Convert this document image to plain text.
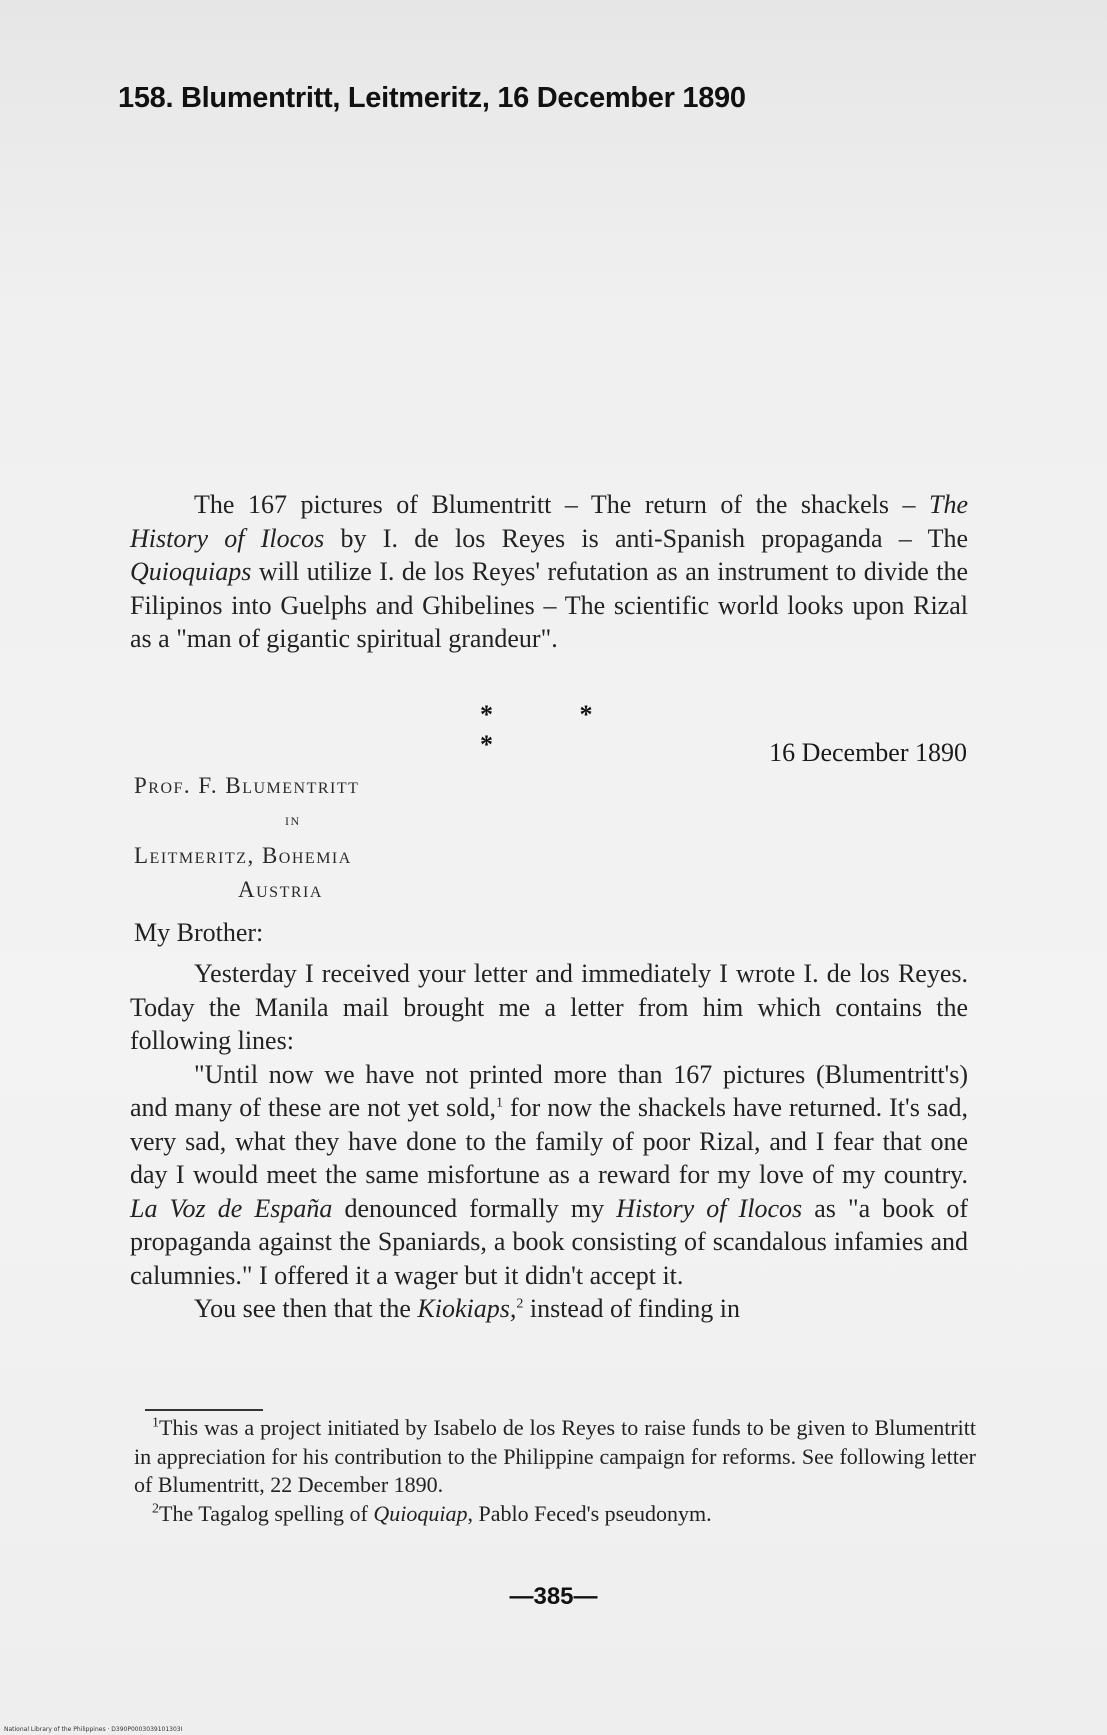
158. Blumentritt, Leitmeritz, 16 December 1890
The 167 pictures of Blumentritt – The return of the shackels – The History of Ilocos by I. de los Reyes is anti-Spanish propaganda – The Quioquiaps will utilize I. de los Reyes' refutation as an instrument to divide the Filipinos into Guelphs and Ghibelines – The scientific world looks upon Rizal as a "man of gigantic spiritual grandeur".
* * *	16 December 1890
Prof. F. Blumentritt
in
Leitmeritz, Bohemia
Austria
My Brother:

Yesterday I received your letter and immediately I wrote I. de los Reyes. Today the Manila mail brought me a letter from him which contains the following lines:

"Until now we have not printed more than 167 pictures (Blumentritt's) and many of these are not yet sold,$^1$ for now the shackels have returned. It's sad, very sad, what they have done to the family of poor Rizal, and I fear that one day I would meet the same misfortune as a reward for my love of my country. La Voz de España denounced formally my History of Ilocos as "a book of propaganda against the Spaniards, a book consisting of scandalous infamies and calumnies." I offered it a wager but it didn't accept it.

You see then that the Kiokiaps,$^2$ instead of finding in

$^1$This was a project initiated by Isabelo de los Reyes to raise funds to be given to Blumentritt in appreciation for his contribution to the Philippine campaign for reforms. See following letter of Blumentritt, 22 December 1890.

$^2$The Tagalog spelling of Quioquiap, Pablo Feced's pseudonym.

—385—
National Library of the Philippines · D390P0003039101303I
